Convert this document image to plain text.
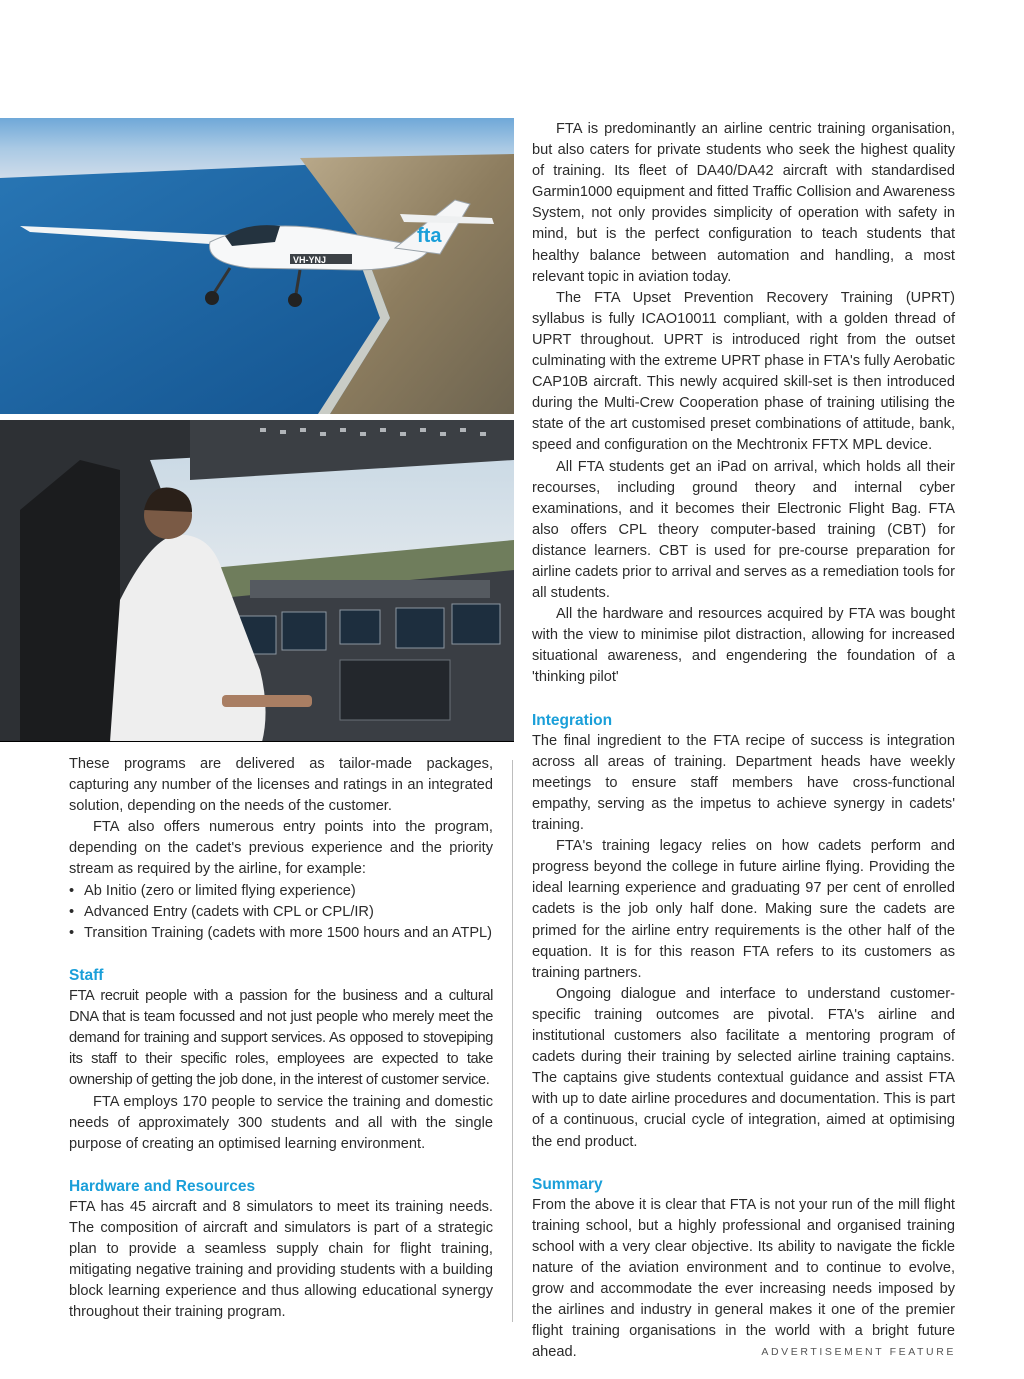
fta
VH-YNJ

These programs are delivered as tailor-made packages, capturing any number of the licenses and ratings in an integrated solution, depending on the needs of the customer.

FTA also offers numerous entry points into the program, depending on the cadet's previous experience and the priority stream as required by the airline, for example:

• Ab Initio (zero or limited flying experience)
• Advanced Entry (cadets with CPL or CPL/IR)
• Transition Training (cadets with more 1500 hours and an ATPL)
Staff

FTA recruit people with a passion for the business and a cultural DNA that is team focussed and not just people who merely meet the demand for training and support services. As opposed to stovepiping its staff to their specific roles, employees are expected to take ownership of getting the job done, in the interest of customer service.

FTA employs 170 people to service the training and domestic needs of approximately 300 students and all with the single purpose of creating an optimised learning environment.

Hardware and Resources

FTA has 45 aircraft and 8 simulators to meet its training needs. The composition of aircraft and simulators is part of a strategic plan to provide a seamless supply chain for flight training, mitigating negative training and providing students with a building block learning experience and thus allowing educational synergy throughout their training program.

FTA is predominantly an airline centric training organisation, but also caters for private students who seek the highest quality of training. Its fleet of DA40/DA42 aircraft with standardised Garmin1000 equipment and fitted Traffic Collision and Awareness System, not only provides simplicity of operation with safety in mind, but is the perfect configuration to teach students that healthy balance between automation and handling, a most relevant topic in aviation today.

The FTA Upset Prevention Recovery Training (UPRT) syllabus is fully ICAO10011 compliant, with a golden thread of UPRT throughout. UPRT is introduced right from the outset culminating with the extreme UPRT phase in FTA's fully Aerobatic CAP10B aircraft. This newly acquired skill-set is then introduced during the Multi-Crew Cooperation phase of training utilising the state of the art customised preset combinations of attitude, bank, speed and configuration on the Mechtronix FFTX MPL device.

All FTA students get an iPad on arrival, which holds all their recourses, including ground theory and internal cyber examinations, and it becomes their Electronic Flight Bag. FTA also offers CPL theory computer-based training (CBT) for distance learners. CBT is used for pre-course preparation for airline cadets prior to arrival and serves as a remediation tools for all students.

All the hardware and resources acquired by FTA was bought with the view to minimise pilot distraction, allowing for increased situational awareness, and engendering the foundation of a 'thinking pilot'

Integration

The final ingredient to the FTA recipe of success is integration across all areas of training. Department heads have weekly meetings to ensure staff members have cross-functional empathy, serving as the impetus to achieve synergy in cadets' training.

FTA's training legacy relies on how cadets perform and progress beyond the college in future airline flying. Providing the ideal learning experience and graduating 97 per cent of enrolled cadets is the job only half done. Making sure the cadets are primed for the airline entry requirements is the other half of the equation. It is for this reason FTA refers to its customers as training partners.

Ongoing dialogue and interface to understand customer-specific training outcomes are pivotal. FTA's airline and institutional customers also facilitate a mentoring program of cadets during their training by selected airline training captains. The captains give students contextual guidance and assist FTA with up to date airline procedures and documentation. This is part of a continuous, crucial cycle of integration, aimed at optimising the end product.

Summary

From the above it is clear that FTA is not your run of the mill flight training school, but a highly professional and organised training school with a very clear objective. Its ability to navigate the fickle nature of the aviation environment and to continue to evolve, grow and accommodate the ever increasing needs imposed by the airlines and industry in general makes it one of the premier flight training organisations in the world with a bright future ahead.	ADVERTISEMENT FEATURE
